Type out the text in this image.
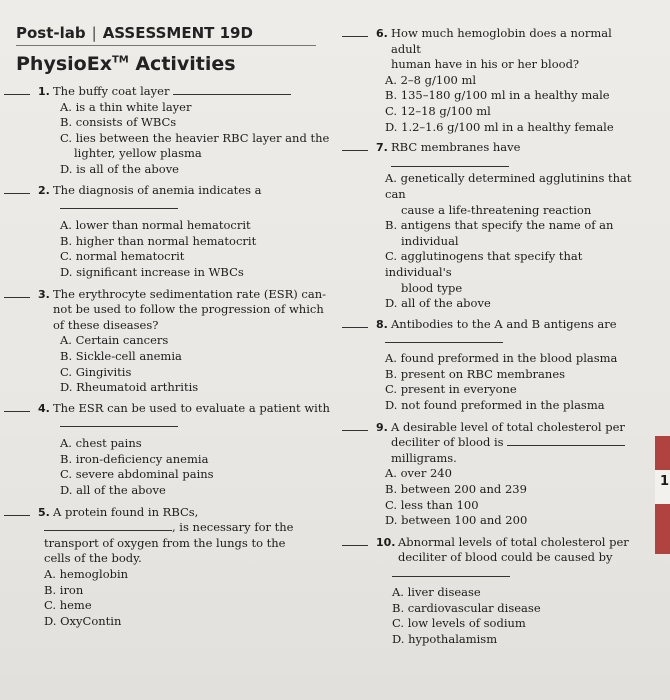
Post-lab | ASSESSMENT 19D
PhysioEx™ Activities
1. The buffy coat layer
A. is a thin white layer
B. consists of WBCs
C. lies between the heavier RBC layer and the
lighter, yellow plasma
D. is all of the above
2. The diagnosis of anemia indicates a
A. lower than normal hematocrit
B. higher than normal hematocrit
C. normal hematocrit
D. significant increase in WBCs
3. The erythrocyte sedimentation rate (ESR) can-
not be used to follow the progression of which
of these diseases?
A. Certain cancers
B. Sickle-cell anemia
C. Gingivitis
D. Rheumatoid arthritis
4. The ESR can be used to evaluate a patient with
A. chest pains
B. iron-deficiency anemia
C. severe abdominal pains
D. all of the above
5. A protein found in RBCs,
, is necessary for the
transport of oxygen from the lungs to the
cells of the body.
A. hemoglobin
B. iron
C. heme
D. OxyContin
6. How much hemoglobin does a normal adult
human have in his or her blood?
A. 2–8 g/100 ml
B. 135–180 g/100 ml in a healthy male
C. 12–18 g/100 ml
D. 1.2–1.6 g/100 ml in a healthy female
7. RBC membranes have
A. genetically determined agglutinins that can
cause a life-threatening reaction
B. antigens that specify the name of an
individual
C. agglutinogens that specify that individual's
blood type
D. all of the above
8. Antibodies to the A and B antigens are
A. found preformed in the blood plasma
B. present on RBC membranes
C. present in everyone
D. not found preformed in the plasma
9. A desirable level of total cholesterol per
deciliter of blood is
milligrams.
A. over 240
B. between 200 and 239
C. less than 100
D. between 100 and 200
10. Abnormal levels of total cholesterol per
deciliter of blood could be caused by
A. liver disease
B. cardiovascular disease
C. low levels of sodium
D. hypothalamism
1
